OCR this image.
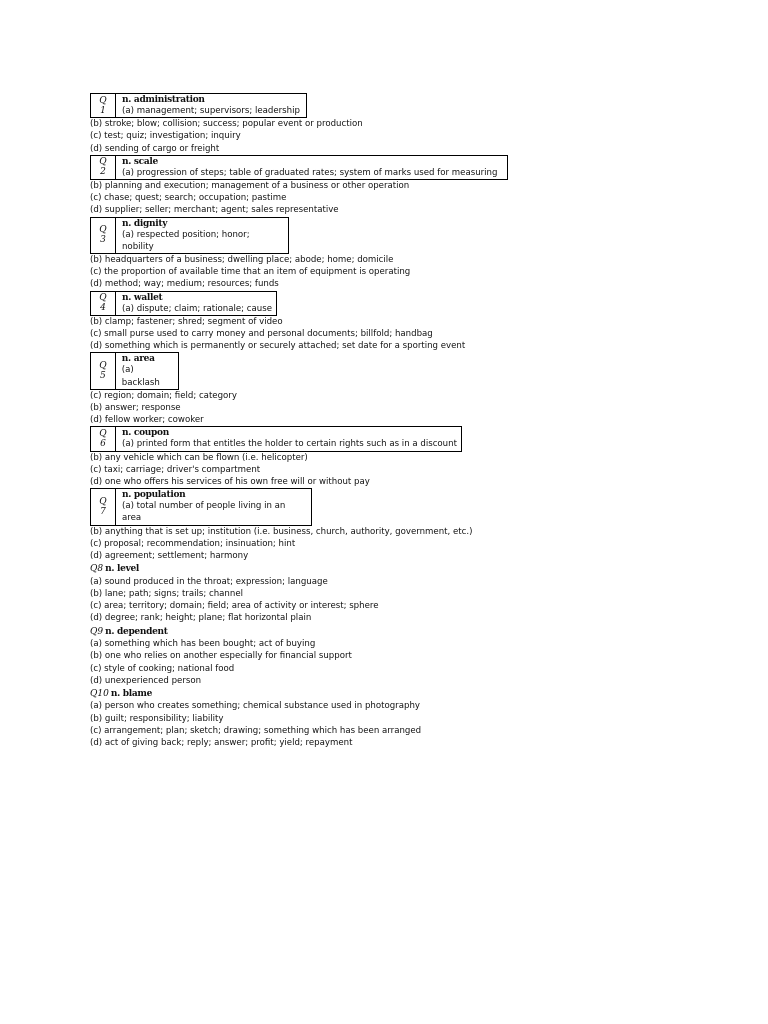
Q
1
n. administration
(a) management; supervisors; leadership
(b) stroke; blow; collision; success; popular event or production
(c) test; quiz; investigation; inquiry
(d) sending of cargo or freight
Q
2
n. scale
(a) progression of steps; table of graduated rates; system of marks used for measuring
(b) planning and execution; management of a business or other operation
(c) chase; quest; search; occupation; pastime
(d) supplier; seller; merchant; agent; sales representative
Q
3
n. dignity
(a) respected position; honor; nobility
(b) headquarters of a business; dwelling place; abode; home; domicile
(c) the proportion of available time that an item of equipment is operating
(d) method; way; medium; resources; funds
Q
4
n. wallet
(a) dispute; claim; rationale; cause
(b) clamp; fastener; shred; segment of video
(c) small purse used to carry money and personal documents; billfold; handbag
(d) something which is permanently or securely attached; set date for a sporting event
Q
5
n. area
(a) backlash
(c) region; domain; field; category
(b) answer; response
(d) fellow worker; cowoker
Q
6
n. coupon
(a) printed form that entitles the holder to certain rights such as in a discount
(b) any vehicle which can be flown (i.e. helicopter)
(c) taxi; carriage; driver's compartment
(d) one who offers his services of his own free will or without pay
Q
7
n. population
(a) total number of people living in an area
(b) anything that is set up; institution (i.e. business, church, authority, government, etc.)
(c) proposal; recommendation; insinuation; hint
(d) agreement; settlement; harmony
Q8 n. level
(a) sound produced in the throat; expression; language
(b) lane; path; signs; trails; channel
(c) area; territory; domain; field; area of activity or interest; sphere
(d) degree; rank; height; plane; flat horizontal plain
Q9 n. dependent
(a) something which has been bought; act of buying
(b) one who relies on another especially for financial support
(c) style of cooking; national food
(d) unexperienced person
Q10 n. blame
(a) person who creates something; chemical substance used in photography
(b) guilt; responsibility; liability
(c) arrangement; plan; sketch; drawing; something which has been arranged
(d) act of giving back; reply; answer; profit; yield; repayment
